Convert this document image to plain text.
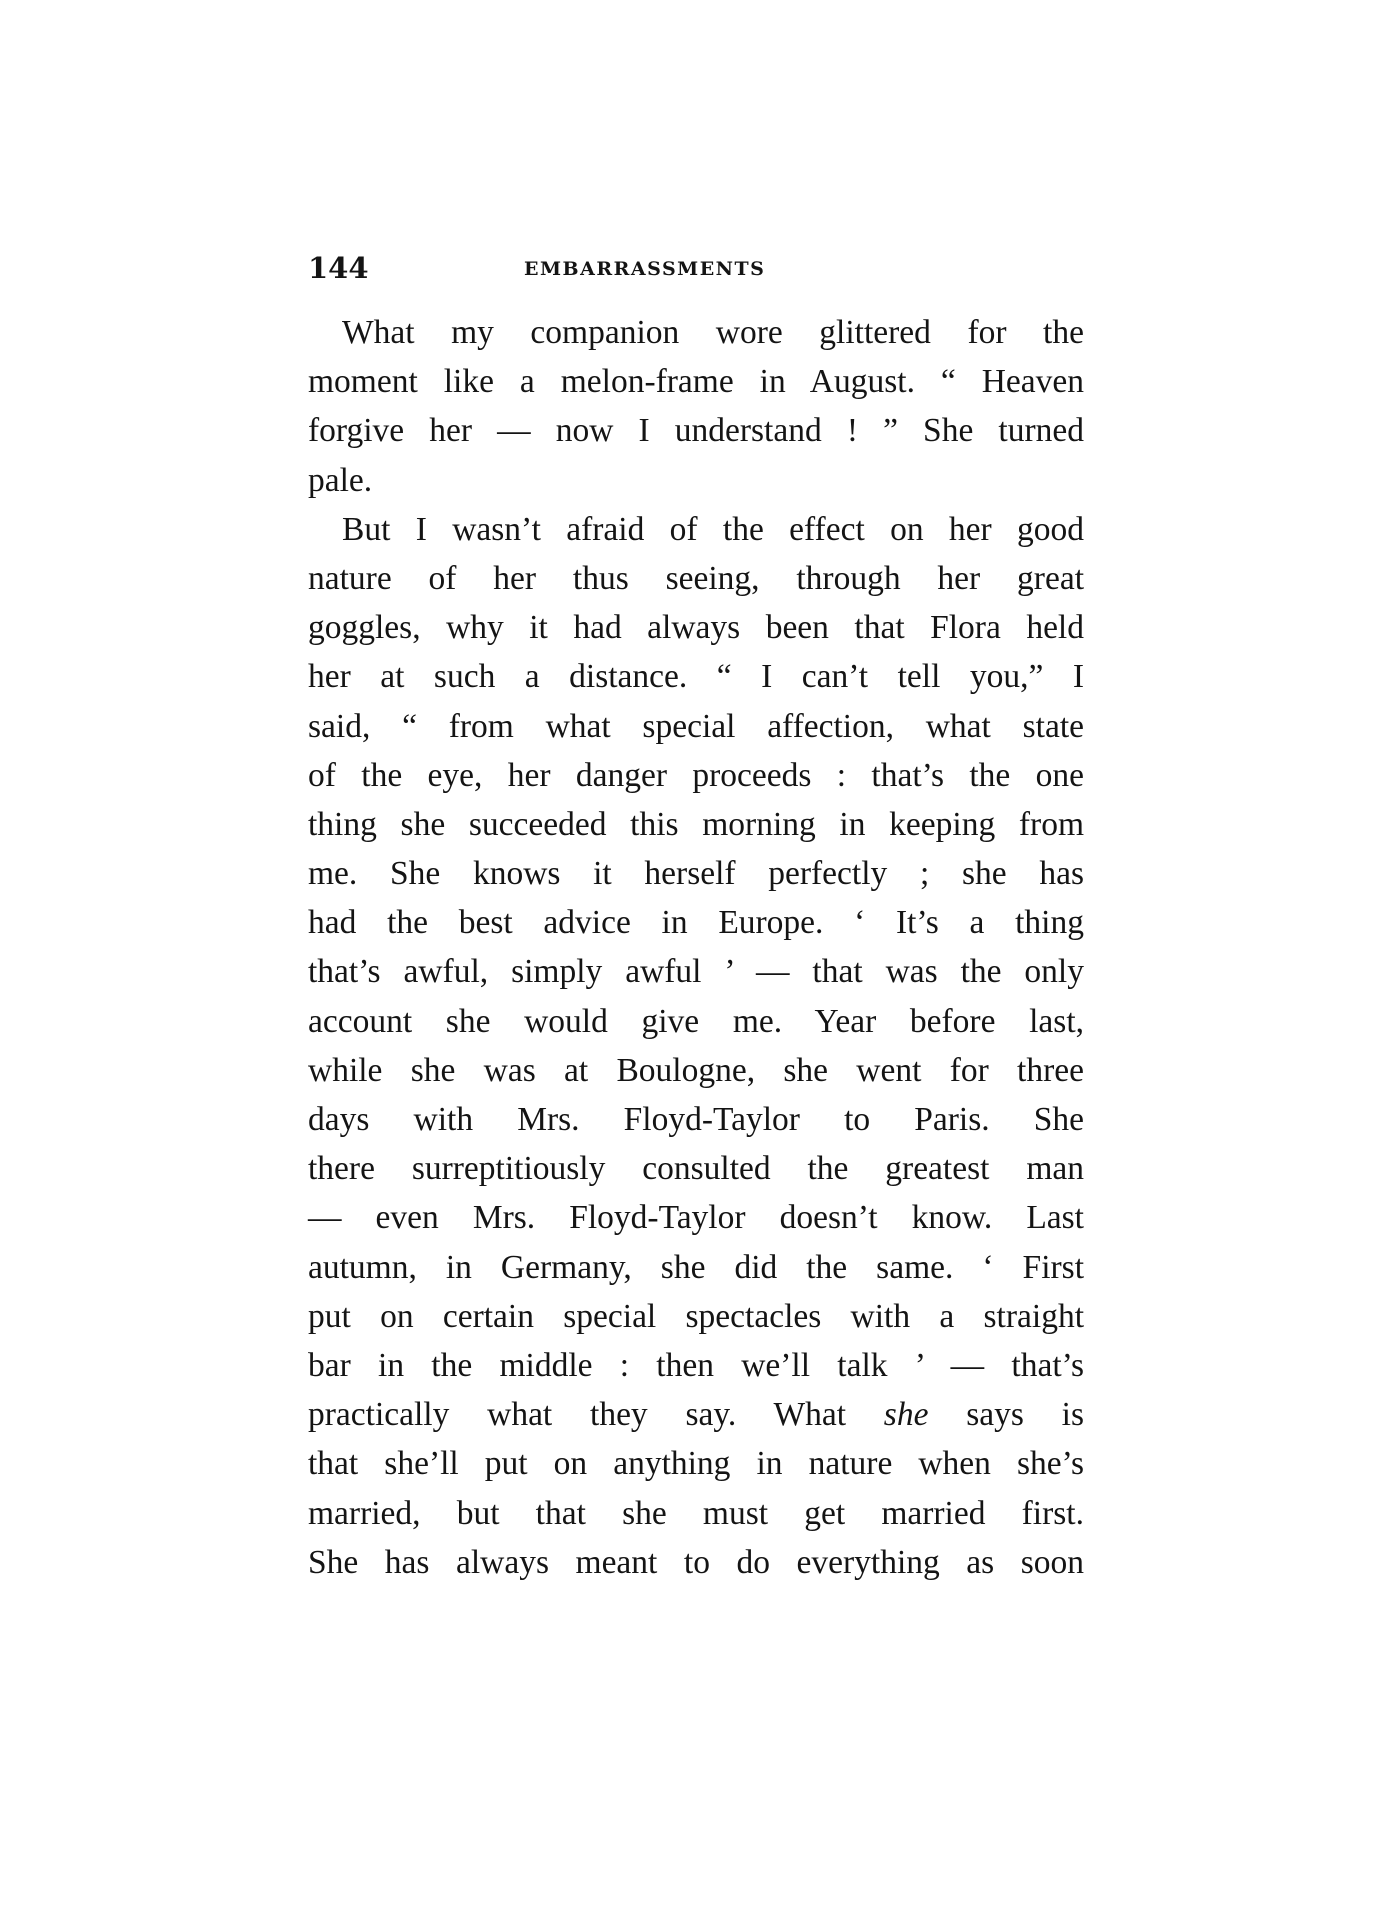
144	EMBARRASSMENTS
What my companion wore glittered for the
moment like a melon-frame in August. “ Heaven
forgive her — now I understand ! ” She turned
pale.
But I wasn’t afraid of the effect on her good
nature of her thus seeing, through her great
goggles, why it had always been that Flora held
her at such a distance. “ I can’t tell you,” I
said, “ from what special affection, what state
of the eye, her danger proceeds : that’s the one
thing she succeeded this morning in keeping from
me. She knows it herself perfectly ; she has
had the best advice in Europe. ‘ It’s a thing
that’s awful, simply awful ’ — that was the only
account she would give me. Year before last,
while she was at Boulogne, she went for three
days with Mrs. Floyd-Taylor to Paris. She
there surreptitiously consulted the greatest man
— even Mrs. Floyd-Taylor doesn’t know. Last
autumn, in Germany, she did the same. ‘ First
put on certain special spectacles with a straight
bar in the middle : then we’ll talk ’ — that’s
practically what they say. What she says is
that she’ll put on anything in nature when she’s
married, but that she must get married first.
She has always meant to do everything as soon
